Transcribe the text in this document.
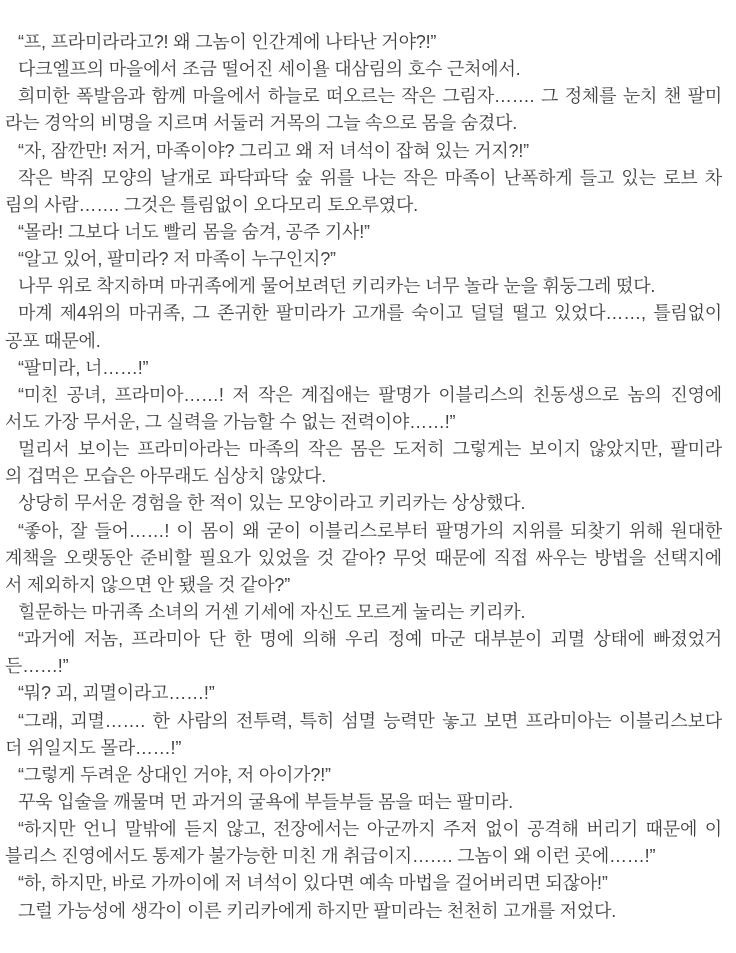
“프, 프라미라라고?! 왜 그놈이 인간계에 나타난 거야?!”
다크엘프의 마을에서 조금 떨어진 세이욜 대삼림의 호수 근처에서.
희미한 폭발음과 함께 마을에서 하늘로 떠오르는 작은 그림자……. 그 정체를 눈치 챈 팔미
라는 경악의 비명을 지르며 서둘러 거목의 그늘 속으로 몸을 숨겼다.
“자, 잠깐만! 저거, 마족이야? 그리고 왜 저 녀석이 잡혀 있는 거지?!”
작은 박쥐 모양의 날개로 파닥파닥 숲 위를 나는 작은 마족이 난폭하게 들고 있는 로브 차
림의 사람……. 그것은 틀림없이 오다모리 토오루였다.
“몰라! 그보다 너도 빨리 몸을 숨겨, 공주 기사!”
“알고 있어, 팔미라? 저 마족이 누구인지?”
나무 위로 착지하며 마귀족에게 물어보려던 키리카는 너무 놀라 눈을 휘둥그레 떴다.
마계 제4위의 마귀족, 그 존귀한 팔미라가 고개를 숙이고 덜덜 떨고 있었다……, 틀림없이
공포 때문에.
“팔미라, 너……!”
“미친 공녀, 프라미아……! 저 작은 계집애는 팔명가 이블리스의 친동생으로 놈의 진영에
서도 가장 무서운, 그 실력을 가늠할 수 없는 전력이야……!”
멀리서 보이는 프라미아라는 마족의 작은 몸은 도저히 그렇게는 보이지 않았지만, 팔미라
의 겁먹은 모습은 아무래도 심상치 않았다.
상당히 무서운 경험을 한 적이 있는 모양이라고 키리카는 상상했다.
“좋아, 잘 들어……! 이 몸이 왜 굳이 이블리스로부터 팔명가의 지위를 되찾기 위해 원대한
계책을 오랫동안 준비할 필요가 있었을 것 같아? 무엇 때문에 직접 싸우는 방법을 선택지에
서 제외하지 않으면 안 됐을 것 같아?”
힐문하는 마귀족 소녀의 거센 기세에 자신도 모르게 눌리는 키리카.
“과거에 저놈, 프라미아 단 한 명에 의해 우리 정예 마군 대부분이 괴멸 상태에 빠졌었거
든……!”
“뭐? 괴, 괴멸이라고……!”
“그래, 괴멸……. 한 사람의 전투력, 특히 섬멸 능력만 놓고 보면 프라미아는 이블리스보다
더 위일지도 몰라……!”
“그렇게 두려운 상대인 거야, 저 아이가?!”
꾸욱 입술을 깨물며 먼 과거의 굴욕에 부들부들 몸을 떠는 팔미라.
“하지만 언니 말밖에 듣지 않고, 전장에서는 아군까지 주저 없이 공격해 버리기 때문에 이
블리스 진영에서도 통제가 불가능한 미친 개 취급이지……. 그놈이 왜 이런 곳에……!”
“하, 하지만, 바로 가까이에 저 녀석이 있다면 예속 마법을 걸어버리면 되잖아!”
그럴 가능성에 생각이 이른 키리카에게 하지만 팔미라는 천천히 고개를 저었다.
